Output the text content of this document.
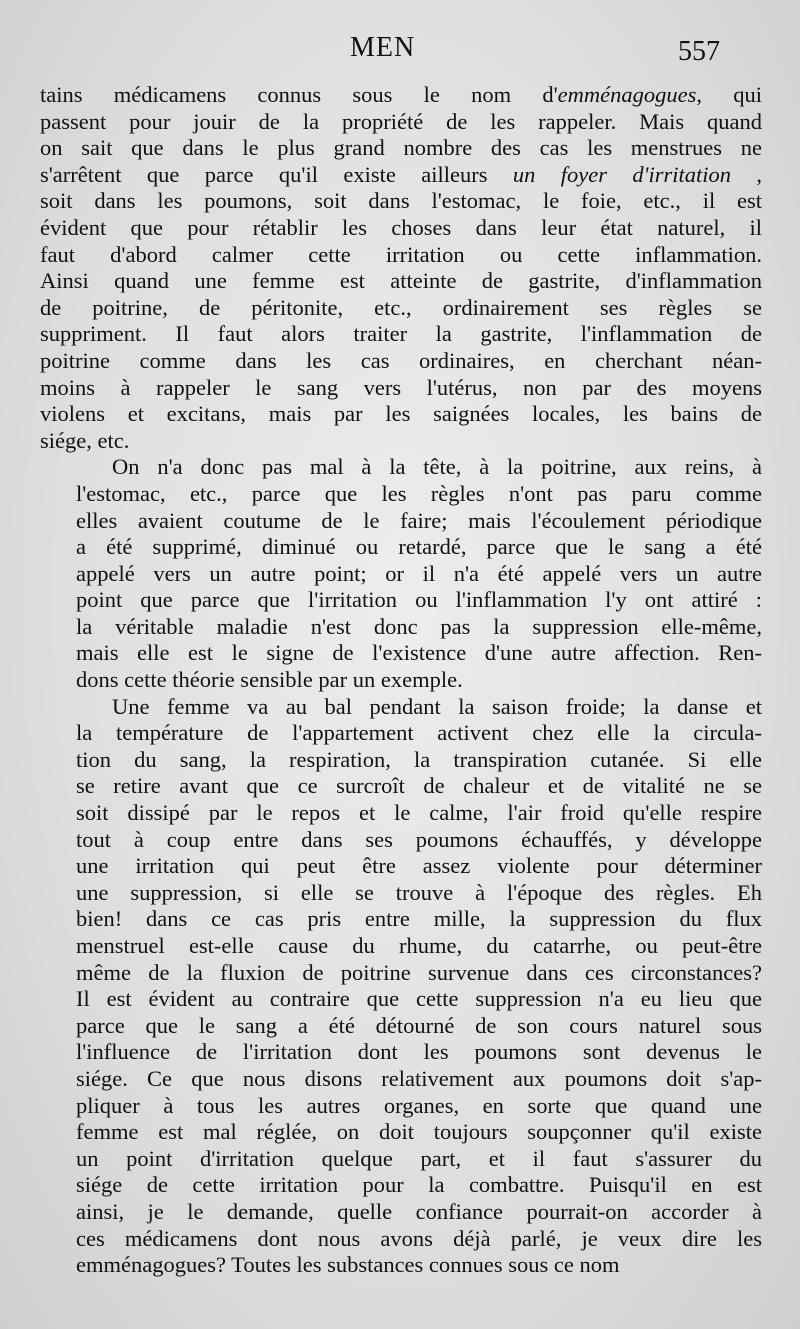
MEN	557

tains médicamens connus sous le nom d'emménagogues, qui
passent pour jouir de la propriété de les rappeler. Mais quand
on sait que dans le plus grand nombre des cas les menstrues ne
s'arrêtent que parce qu'il existe ailleurs un foyer d'irritation ,
soit dans les poumons, soit dans l'estomac, le foie, etc., il est
évident que pour rétablir les choses dans leur état naturel, il
faut d'abord calmer cette irritation ou cette inflammation.
Ainsi quand une femme est atteinte de gastrite, d'inflammation
de poitrine, de péritonite, etc., ordinairement ses règles se
suppriment. Il faut alors traiter la gastrite, l'inflammation de
poitrine comme dans les cas ordinaires, en cherchant néan-
moins à rappeler le sang vers l'utérus, non par des moyens
violens et excitans, mais par les saignées locales, les bains de
siége, etc.

On n'a donc pas mal à la tête, à la poitrine, aux reins, à
l'estomac, etc., parce que les règles n'ont pas paru comme
elles avaient coutume de le faire; mais l'écoulement périodique
a été supprimé, diminué ou retardé, parce que le sang a été
appelé vers un autre point; or il n'a été appelé vers un autre
point que parce que l'irritation ou l'inflammation l'y ont attiré :
la véritable maladie n'est donc pas la suppression elle-même,
mais elle est le signe de l'existence d'une autre affection. Ren-
dons cette théorie sensible par un exemple.

Une femme va au bal pendant la saison froide; la danse et
la température de l'appartement activent chez elle la circula-
tion du sang, la respiration, la transpiration cutanée. Si elle
se retire avant que ce surcroît de chaleur et de vitalité ne se
soit dissipé par le repos et le calme, l'air froid qu'elle respire
tout à coup entre dans ses poumons échauffés, y développe
une irritation qui peut être assez violente pour déterminer
une suppression, si elle se trouve à l'époque des règles. Eh
bien! dans ce cas pris entre mille, la suppression du flux
menstruel est-elle cause du rhume, du catarrhe, ou peut-être
même de la fluxion de poitrine survenue dans ces circonstances?
Il est évident au contraire que cette suppression n'a eu lieu que
parce que le sang a été détourné de son cours naturel sous
l'influence de l'irritation dont les poumons sont devenus le
siége. Ce que nous disons relativement aux poumons doit s'ap-
pliquer à tous les autres organes, en sorte que quand une
femme est mal réglée, on doit toujours soupçonner qu'il existe
un point d'irritation quelque part, et il faut s'assurer du
siége de cette irritation pour la combattre. Puisqu'il en est
ainsi, je le demande, quelle confiance pourrait-on accorder à
ces médicamens dont nous avons déjà parlé, je veux dire les
emménagogues? Toutes les substances connues sous ce nom
